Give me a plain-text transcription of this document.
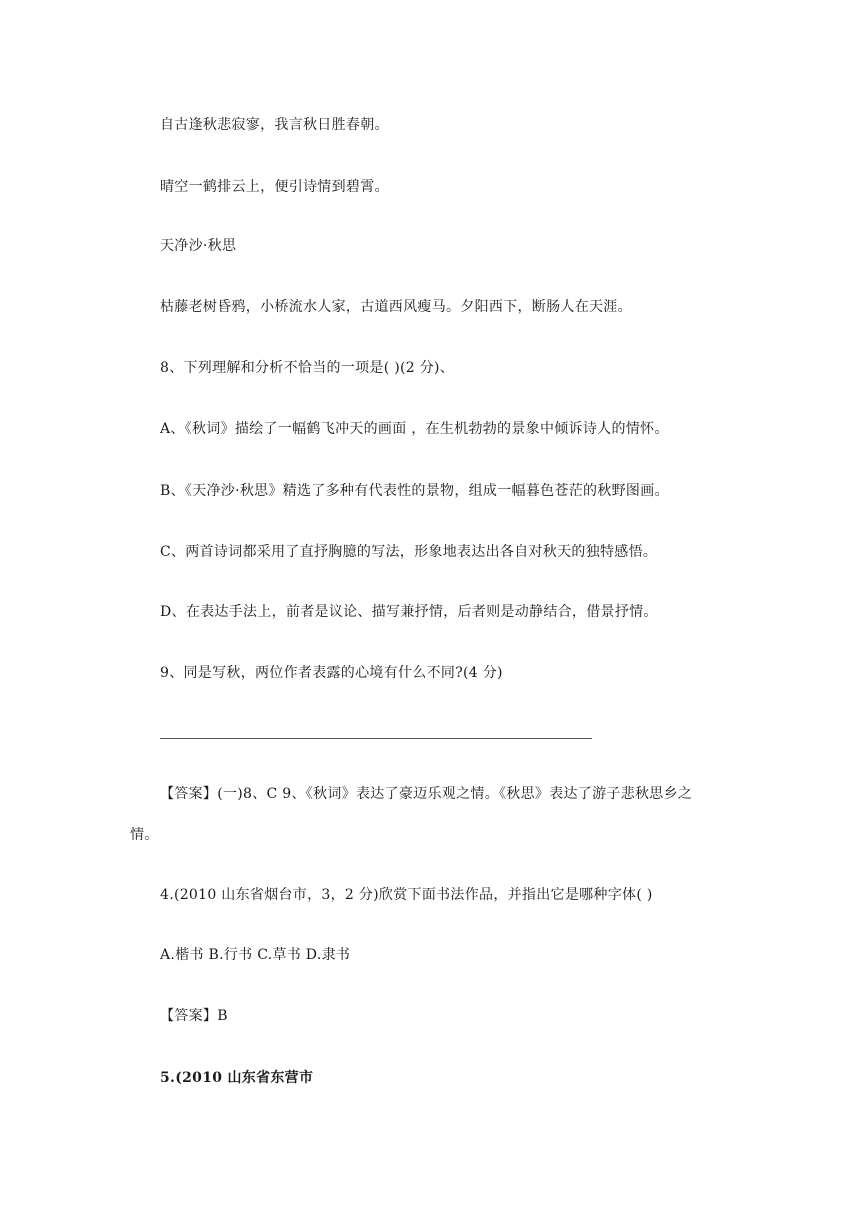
自古逢秋悲寂寥，我言秋日胜春朝。
晴空一鹤排云上，便引诗情到碧霄。
天净沙·秋思
枯藤老树昏鸦，小桥流水人家，古道西风瘦马。夕阳西下，断肠人在天涯。
8、下列理解和分析不恰当的一项是( )(2 分)、
A、《秋词》描绘了一幅鹤飞冲天的画面 ，在生机勃勃的景象中倾诉诗人的情怀。
B、《天净沙·秋思》精选了多种有代表性的景物，组成一幅暮色苍茫的秋野图画。
C、两首诗词都采用了直抒胸臆的写法，形象地表达出各自对秋天的独特感悟。
D、在表达手法上，前者是议论、描写兼抒情，后者则是动静结合，借景抒情。
9、同是写秋，两位作者表露的心境有什么不同?(4 分)
【答案】(一)8、C 9、《秋词》表达了豪迈乐观之情。《秋思》表达了游子悲秋思乡之
情。
4.(2010 山东省烟台市，3，2 分)欣赏下面书法作品，并指出它是哪种字体( )
A.楷书 B.行书 C.草书 D.隶书
【答案】B
5.(2010 山东省东营市
